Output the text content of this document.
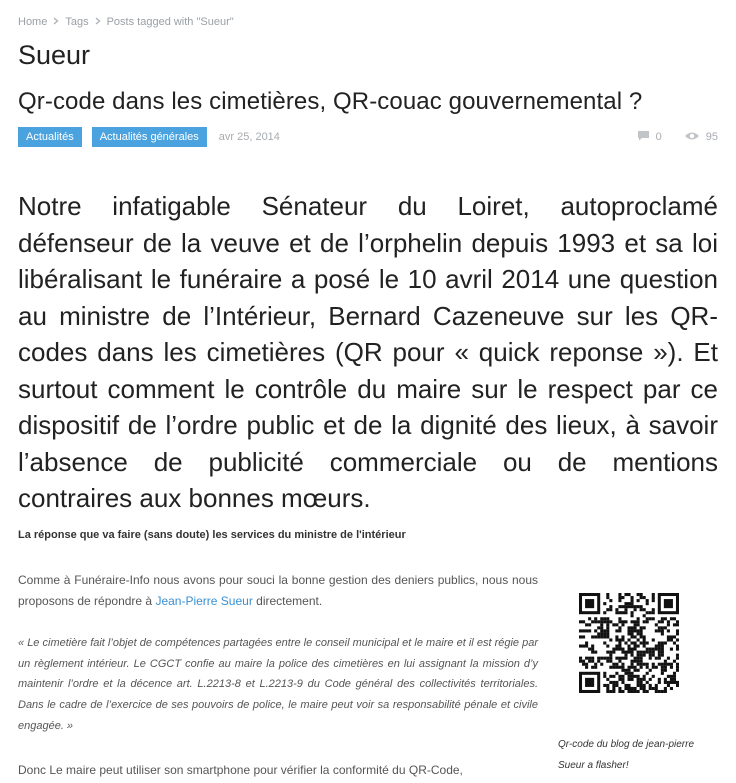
Home Tags Posts tagged with "Sueur"
Sueur
Qr-code dans les cimetières, QR-couac gouvernemental ?
Actualités	Actualités générales	avr 25, 2014	0	95

Notre infatigable Sénateur du Loiret, autoproclamé défenseur de la veuve et de l’orphelin depuis 1993 et sa loi libéralisant le funéraire a posé le 10 avril 2014 une question au ministre de l’Intérieur, Bernard Cazeneuve sur les QR-codes dans les cimetières (QR pour « quick reponse »). Et surtout comment le contrôle du maire sur le respect par ce dispositif de l’ordre public et de la dignité des lieux, à savoir l’absence de publicité commerciale ou de mentions contraires aux bonnes mœurs.

La réponse que va faire (sans doute) les services du ministre de l'intérieur

Comme à Funéraire-Info nous avons pour souci la bonne gestion des deniers publics, nous nous proposons de répondre à Jean-Pierre Sueur directement.

« Le cimetière fait l’objet de compétences partagées entre le conseil municipal et le maire et il est régie par un règlement intérieur. Le CGCT confie au maire la police des cimetières en lui assignant la mission d’y maintenir l’ordre et la décence art. L.2213-8 et L.2213-9 du Code général des collectivités territoriales. Dans le cadre de l’exercice de ses pouvoirs de police, le maire peut voir sa responsabilité pénale et civile engagée. »

Donc Le maire peut utiliser son smartphone pour vérifier la conformité du QR-Code,

Qr-code du blog de jean-pierre Sueur a flasher!
